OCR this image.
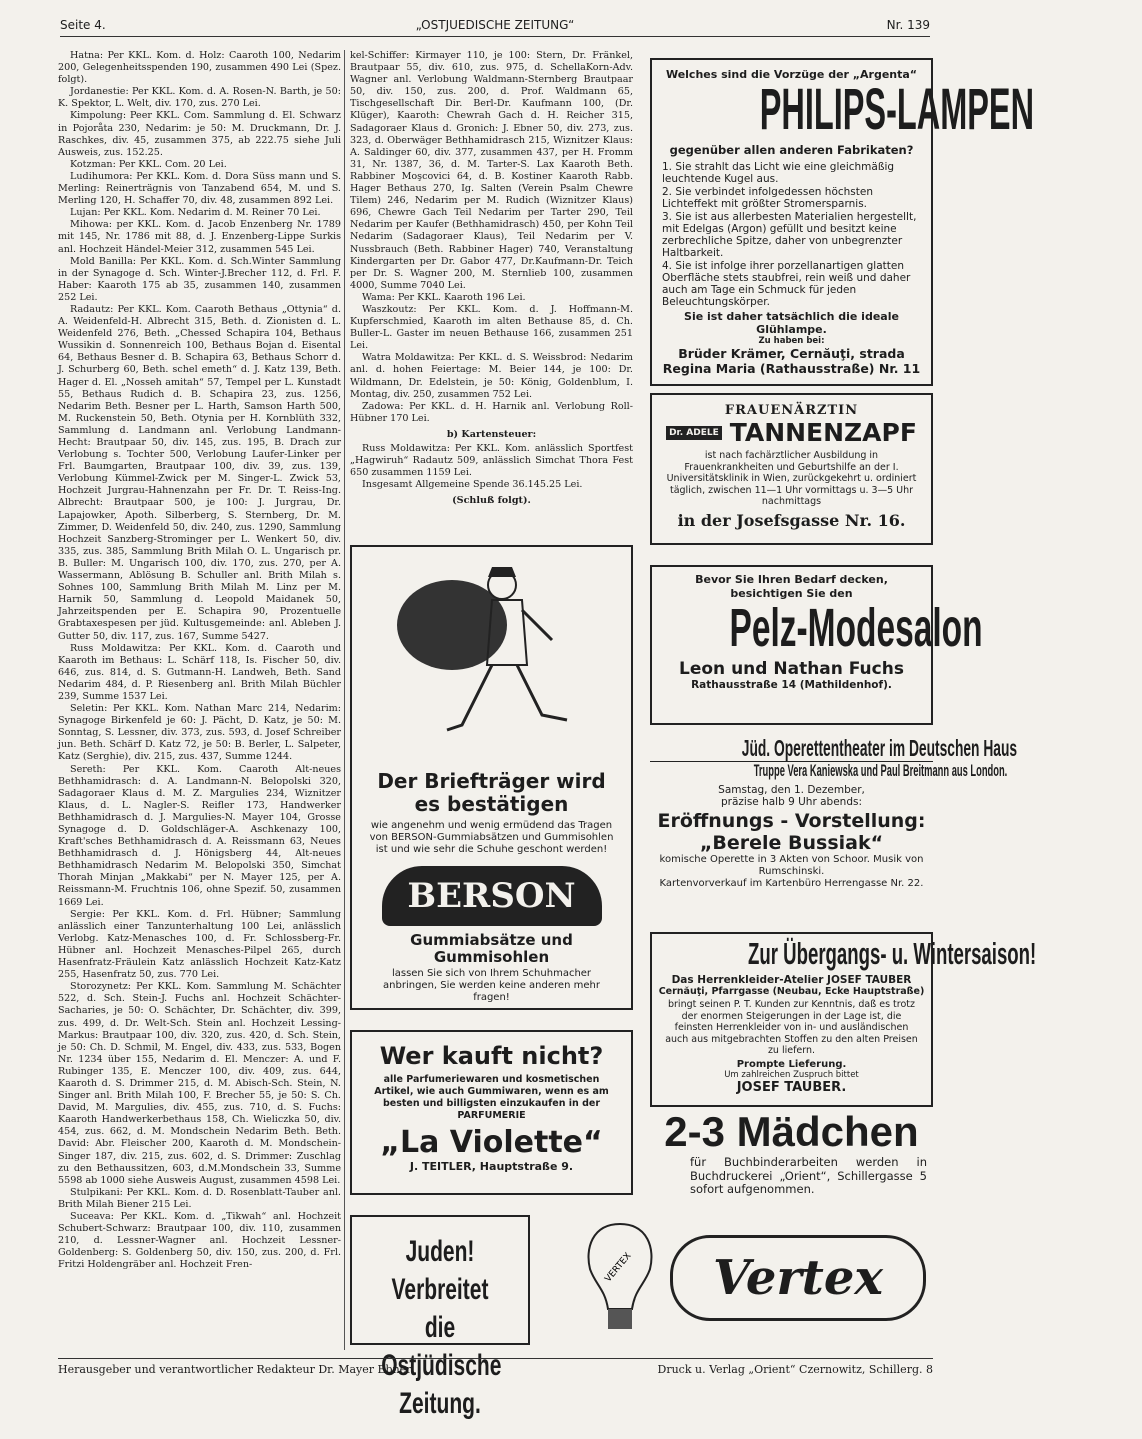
Seite 4.	„OSTJUEDISCHE ZEITUNG“	Nr. 139

Hatna: Per KKL. Kom. d. Holz: Caaroth 100, Nedarim 200, Gelegenheitsspenden 190, zusammen 490 Lei (Spez. folgt).

Jordanestie: Per KKL. Kom. d. A. Rosen-N. Barth, je 50: K. Spektor, L. Welt, div. 170, zus. 270 Lei.

Kimpolung: Peer KKL. Com. Sammlung d. El. Schwarz in Pojoråta 230, Nedarim: je 50: M. Druckmann, Dr. J. Raschkes, div. 45, zusammen 375, ab 222.75 siehe Juli Ausweis, zus. 152.25.

Kotzman: Per KKL. Com. 20 Lei.

Ludihumora: Per KKL. Kom. d. Dora Süss mann und S. Merling: Reinerträgnis von Tanzabend 654, M. und S. Merling 120, H. Schaffer 70, div. 48, zusammen 892 Lei.

Lujan: Per KKL. Kom. Nedarim d. M. Reiner 70 Lei.

Mihowa: per KKL. Kom. d. Jacob Enzenberg Nr. 1789 mit 145, Nr. 1786 mit 88, d. J. Enzenberg-Lippe Surkis anl. Hochzeit Händel-Meier 312, zusammen 545 Lei.

Mold Banilla: Per KKL. Kom. d. Sch.Winter Sammlung in der Synagoge d. Sch. Winter-J.Brecher 112, d. Frl. F. Haber: Kaaroth 175 ab 35, zusammen 140, zusammen 252 Lei.

Radautz: Per KKL. Kom. Caaroth Bethaus „Ottynia“ d. A. Weidenfeld-H. Albrecht 315, Beth. d. Zionisten d. L. Weidenfeld 276, Beth. „Chessed Schapira 104, Bethaus Wussikin d. Sonnenreich 100, Bethaus Bojan d. Eisental 64, Bethaus Besner d. B. Schapira 63, Bethaus Schorr d. J. Schurberg 60, Beth. schel emeth“ d. J. Katz 139, Beth. Hager d. El. „Nosseh amitah“ 57, Tempel per L. Kunstadt 55, Bethaus Rudich d. B. Schapira 23, zus. 1256, Nedarim Beth. Besner per L. Harth, Samson Harth 500, M. Ruckenstein 50, Beth. Otynia per H. Kornblüth 332, Sammlung d. Landmann anl. Verlobung Landmann-Hecht: Brautpaar 50, div. 145, zus. 195, B. Drach zur Verlobung s. Tochter 500, Verlobung Laufer-Linker per Frl. Baumgarten, Brautpaar 100, div. 39, zus. 139, Verlobung Kümmel-Zwick per M. Singer-L. Zwick 53, Hochzeit Jurgrau-Hahnenzahn per Fr. Dr. T. Reiss-Ing. Albrecht: Brautpaar 500, je 100: J. Jurgrau, Dr. Lapajowker, Apoth. Silberberg, S. Sternberg, Dr. M. Zimmer, D. Weidenfeld 50, div. 240, zus. 1290, Sammlung Hochzeit Sanzberg-Strominger per L. Wenkert 50, div. 335, zus. 385, Sammlung Brith Milah O. L. Ungarisch pr. B. Buller: M. Ungarisch 100, div. 170, zus. 270, per A. Wassermann, Ablösung B. Schuller anl. Brith Milah s. Sohnes 100, Sammlung Brith Milah M. Linz per M. Harnik 50, Sammlung d. Leopold Maidanek 50, Jahrzeitspenden per E. Schapira 90, Prozentuelle Grabtaxespesen per jüd. Kultusgemeinde: anl. Ableben J. Gutter 50, div. 117, zus. 167, Summe 5427.

Russ Moldawitza: Per KKL. Kom. d. Caaroth und Kaaroth im Bethaus: L. Schärf 118, Is. Fischer 50, div. 646, zus. 814, d. S. Gutmann-H. Landweh, Beth. Sand Nedarim 484, d. P. Riesenberg anl. Brith Milah Büchler 239, Summe 1537 Lei.

Seletin: Per KKL. Kom. Nathan Marc 214, Nedarim: Synagoge Birkenfeld je 60: J. Pächt, D. Katz, je 50: M. Sonntag, S. Lessner, div. 373, zus. 593, d. Josef Schreiber jun. Beth. Schärf D. Katz 72, je 50: B. Berler, L. Salpeter, Katz (Serghie), div. 215, zus. 437, Summe 1244.

Sereth: Per KKL. Kom. Caaroth Alt-neues Bethhamidrasch: d. A. Landmann-N. Belopolski 320, Sadagoraer Klaus d. M. Z. Margulies 234, Wiznitzer Klaus, d. L. Nagler-S. Reifler 173, Handwerker Bethhamidrasch d. J. Margulies-N. Mayer 104, Grosse Synagoge d. D. Goldschläger-A. Aschkenazy 100, Kraft'sches Bethhamidrasch d. A. Reissmann 63, Neues Bethhamidrasch d. J. Hönigsberg 44, Alt-neues Bethhamidrasch Nedarim M. Belopolski 350, Simchat Thorah Minjan „Makkabi“ per N. Mayer 125, per A. Reissmann-M. Fruchtnis 106, ohne Spezif. 50, zusammen 1669 Lei.

Sergie: Per KKL. Kom. d. Frl. Hübner; Sammlung anlässlich einer Tanzunterhaltung 100 Lei, anlässlich Verlobg. Katz-Menasches 100, d. Fr. Schlossberg-Fr. Hübner anl. Hochzeit Menasches-Pilpel 265, durch Hasenfratz-Fräulein Katz anlässlich Hochzeit Katz-Katz 255, Hasenfratz 50, zus. 770 Lei.

Storozynetz: Per KKL. Kom. Sammlung M. Schächter 522, d. Sch. Stein-J. Fuchs anl. Hochzeit Schächter-Sacharies, je 50: O. Schächter, Dr. Schächter, div. 399, zus. 499, d. Dr. Welt-Sch. Stein anl. Hochzeit Lessing-Markus: Brautpaar 100, div. 320, zus. 420, d. Sch. Stein, je 50: Ch. D. Schmil, M. Engel, div. 433, zus. 533, Bogen Nr. 1234 über 155, Nedarim d. El. Menczer: A. und F. Rubinger 135, E. Menczer 100, div. 409, zus. 644, Kaaroth d. S. Drimmer 215, d. M. Abisch-Sch. Stein, N. Singer anl. Brith Milah 100, F. Brecher 55, je 50: S. Ch. David, M. Margulies, div. 455, zus. 710, d. S. Fuchs: Kaaroth Handwerkerbethaus 158, Ch. Wieliczka 50, div. 454, zus. 662, d. M. Mondschein Nedarim Beth. Beth. David: Abr. Fleischer 200, Kaaroth d. M. Mondschein-Singer 187, div. 215, zus. 602, d. S. Drimmer: Zuschlag zu den Bethaussitzen, 603, d.M.Mondschein 33, Summe 5598 ab 1000 siehe Ausweis August, zusammen 4598 Lei.

Stulpikani: Per KKL. Kom. d. D. Rosenblatt-Tauber anl. Brith Milah Biener 215 Lei.

Suceava: Per KKL. Kom. d. „Tikwah“ anl. Hochzeit Schubert-Schwarz: Brautpaar 100, div. 110, zusammen 210, d. Lessner-Wagner anl. Hochzeit Lessner-Goldenberg: S. Goldenberg 50, div. 150, zus. 200, d. Frl. Fritzi Holdengräber anl. Hochzeit Fren-

kel-Schiffer: Kirmayer 110, je 100: Stern, Dr. Fränkel, Brautpaar 55, div. 610, zus. 975, d. SchellaKorn-Adv. Wagner anl. Verlobung Waldmann-Sternberg Brautpaar 50, div. 150, zus. 200, d. Prof. Waldmann 65, Tischgesellschaft Dir. Berl-Dr. Kaufmann 100, (Dr. Klüger), Kaaroth: Chewrah Gach d. H. Reicher 315, Sadagoraer Klaus d. Gronich: J. Ebner 50, div. 273, zus. 323, d. Oberwäger Bethhamidrasch 215, Wiznitzer Klaus: A. Saldinger 60, div. 377, zusammen 437, per H. Fromm 31, Nr. 1387, 36, d. M. Tarter-S. Lax Kaaroth Beth. Rabbiner Moşcovici 64, d. B. Kostiner Kaaroth Rabb. Hager Bethaus 270, Ig. Salten (Verein Psalm Chewre Tilem) 246, Nedarim per M. Rudich (Wiznitzer Klaus) 696, Chewre Gach Teil Nedarim per Tarter 290, Teil Nedarim per Kaufer (Bethhamidrasch) 450, per Kohn Teil Nedarim (Sadagoraer Klaus), Teil Nedarim per V. Nussbrauch (Beth. Rabbiner Hager) 740, Veranstaltung Kindergarten per Dr. Gabor 477, Dr.Kaufmann-Dr. Teich per Dr. S. Wagner 200, M. Sternlieb 100, zusammen 4000, Summe 7040 Lei.

Wama: Per KKL. Kaaroth 196 Lei.

Waszkoutz: Per KKL. Kom. d. J. Hoffmann-M. Kupferschmied, Kaaroth im alten Bethause 85, d. Ch. Buller-L. Gaster im neuen Bethause 166, zusammen 251 Lei.

Watra Moldawitza: Per KKL. d. S. Weissbrod: Nedarim anl. d. hohen Feiertage: M. Beier 144, je 100: Dr. Wildmann, Dr. Edelstein, je 50: König, Goldenblum, I. Montag, div. 250, zusammen 752 Lei.

Zadowa: Per KKL. d. H. Harnik anl. Verlobung Roll-Hübner 170 Lei.

b) Kartensteuer:

Russ Moldawitza: Per KKL. Kom. anlässlich Sportfest „Hagwiruh“ Radautz 509, anlässlich Simchat Thora Fest 650 zusammen 1159 Lei.

Insgesamt Allgemeine Spende 36.145.25 Lei.

(Schluß folgt).
Der Briefträger wird es bestätigen
wie angenehm und wenig ermüdend das Tragen von BERSON-Gummiabsätzen und Gummisohlen ist und wie sehr die Schuhe geschont werden!
BERSON
Gummiabsätze und Gummisohlen
lassen Sie sich von Ihrem Schuhmacher anbringen, Sie werden keine anderen mehr fragen!
Wer kauft nicht?
alle Parfumeriewaren und kosmetischen Artikel, wie auch Gummiwaren, wenn es am besten und billigsten einzukaufen in der PARFUMERIE
„La Violette“
J. TEITLER, Hauptstraße 9.
Juden! Verbreitet die Ostjüdische Zeitung.
VERTEX	Vertex
Welches sind die Vorzüge der „Argenta“
PHILIPS-LAMPEN
gegenüber allen anderen Fabrikaten?
1. Sie strahlt das Licht wie eine gleichmäßig leuchtende Kugel aus.
2. Sie verbindet infolgedessen höchsten Lichteffekt mit größter Stromersparnis.
3. Sie ist aus allerbesten Materialien hergestellt, mit Edelgas (Argon) gefüllt und besitzt keine zerbrechliche Spitze, daher von unbegrenzter Haltbarkeit.
4. Sie ist infolge ihrer porzellanartigen glatten Oberfläche stets staubfrei, rein weiß und daher auch am Tage ein Schmuck für jeden Beleuchtungskörper.
Sie ist daher tatsächlich die ideale Glühlampe.
Zu haben bei:
Brüder Krämer, Cernăuţi, strada Regina Maria (Rathausstraße) Nr. 11
FRAUENÄRZTIN
Dr. ADELE TANNENZAPF
ist nach fachärztlicher Ausbildung in Frauenkrankheiten und Geburtshilfe an der I. Universitätsklinik in Wien, zurückgekehrt u. ordiniert täglich, zwischen 11—1 Uhr vormittags u. 3—5 Uhr nachmittags
in der Josefsgasse Nr. 16.
Bevor Sie Ihren Bedarf decken, besichtigen Sie den
Pelz-Modesalon
Leon und Nathan Fuchs
Rathausstraße 14 (Mathildenhof).
Jüd. Operettentheater im Deutschen Haus
Truppe Vera Kaniewska und Paul Breitmann aus London.
Samstag, den 1. Dezember, präzise halb 9 Uhr abends:
Eröffnungs - Vorstellung:
„Berele Bussiak“
komische Operette in 3 Akten von Schoor. Musik von Rumschinski.
Kartenvorverkauf im Kartenbüro Herrengasse Nr. 22.
Zur Übergangs- u. Wintersaison!
Das Herrenkleider-Atelier JOSEF TAUBER
Cernăuţi, Pfarrgasse (Neubau, Ecke Hauptstraße)
bringt seinen P. T. Kunden zur Kenntnis, daß es trotz der enormen Steigerungen in der Lage ist, die feinsten Herrenkleider von in- und ausländischen auch aus mitgebrachten Stoffen zu den alten Preisen zu liefern.
Prompte Lieferung.
Um zahlreichen Zuspruch bittet
JOSEF TAUBER.
2-3 Mädchen
für Buchbinderarbeiten werden in Buchdruckerei „Orient“, Schillergasse 5 sofort aufgenommen.
Herausgeber und verantwortlicher Redakteur Dr. Mayer Ebner.	Druck u. Verlag „Orient“ Czernowitz, Schillerg. 8
